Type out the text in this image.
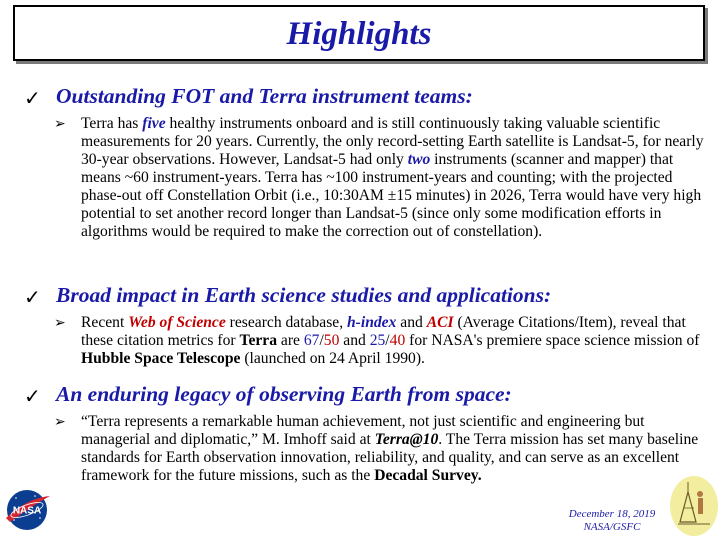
Highlights
✓ Outstanding FOT and Terra instrument teams:
➢ Terra has five healthy instruments onboard and is still continuously taking valuable scientific measurements for 20 years. Currently, the only record-setting Earth satellite is Landsat-5, for nearly 30-year observations. However, Landsat-5 had only two instruments (scanner and mapper) that means ~60 instrument-years. Terra has ~100 instrument-years and counting; with the projected phase-out off Constellation Orbit (i.e., 10:30AM ±15 minutes) in 2026, Terra would have very high potential to set another record longer than Landsat-5 (since only some modification efforts in algorithms would be required to make the correction out of constellation).
✓ Broad impact in Earth science studies and applications:
➢ Recent Web of Science research database, h-index and ACI (Average Citations/Item), reveal that these citation metrics for Terra are 67/50 and 25/40 for NASA's premiere space science mission of Hubble Space Telescope (launched on 24 April 1990).
✓ An enduring legacy of observing Earth from space:
➢ “Terra represents a remarkable human achievement, not just scientific and engineering but managerial and diplomatic,” M. Imhoff said at Terra@10. The Terra mission has set many baseline standards for Earth observation innovation, reliability, and quality, and can serve as an excellent framework for the future missions, such as the Decadal Survey.
NASA	December 18, 2019
NASA/GSFC
